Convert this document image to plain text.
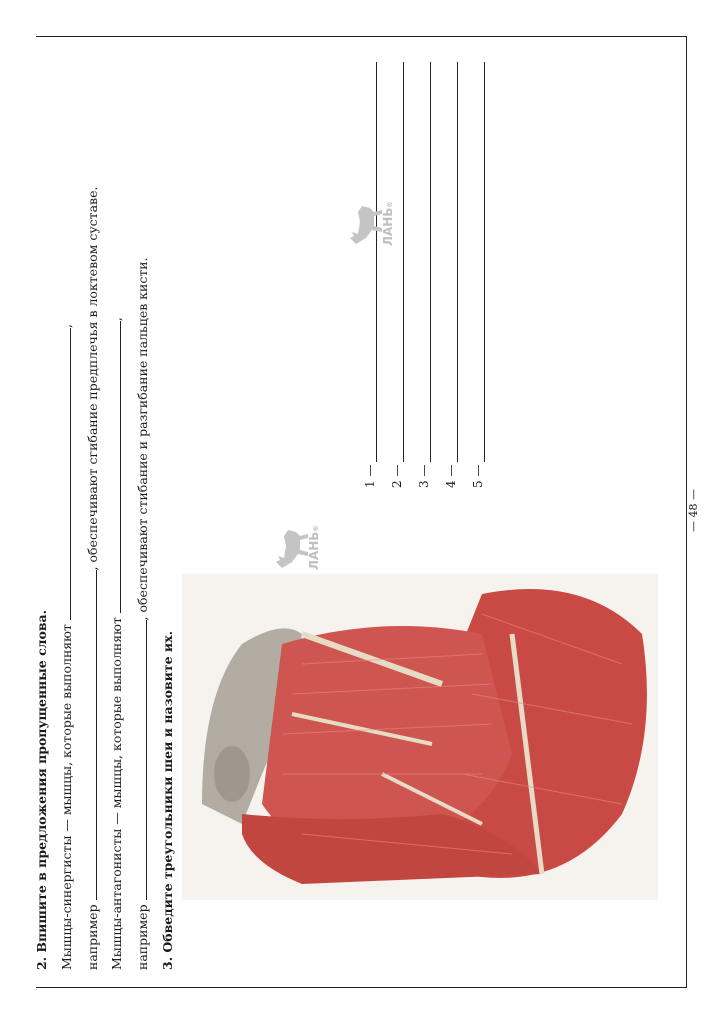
2. Впишите в предложения пропущенные слова. Мышцы-синергисты — мышцы, которые выполняют ,
например , обеспечивают сгибание предплечья в локтевом суставе.
Мышцы-антагонисты — мышцы, которые выполняют ,
например , обеспечивают стибание и разгибание пальцев кисти.
3. Обведите треугольники шеи и назовите их.
1 — 2 — 3 — 4 — 5 —
ЛАНЬ
®
ЛАНЬ
®	— 48 —
